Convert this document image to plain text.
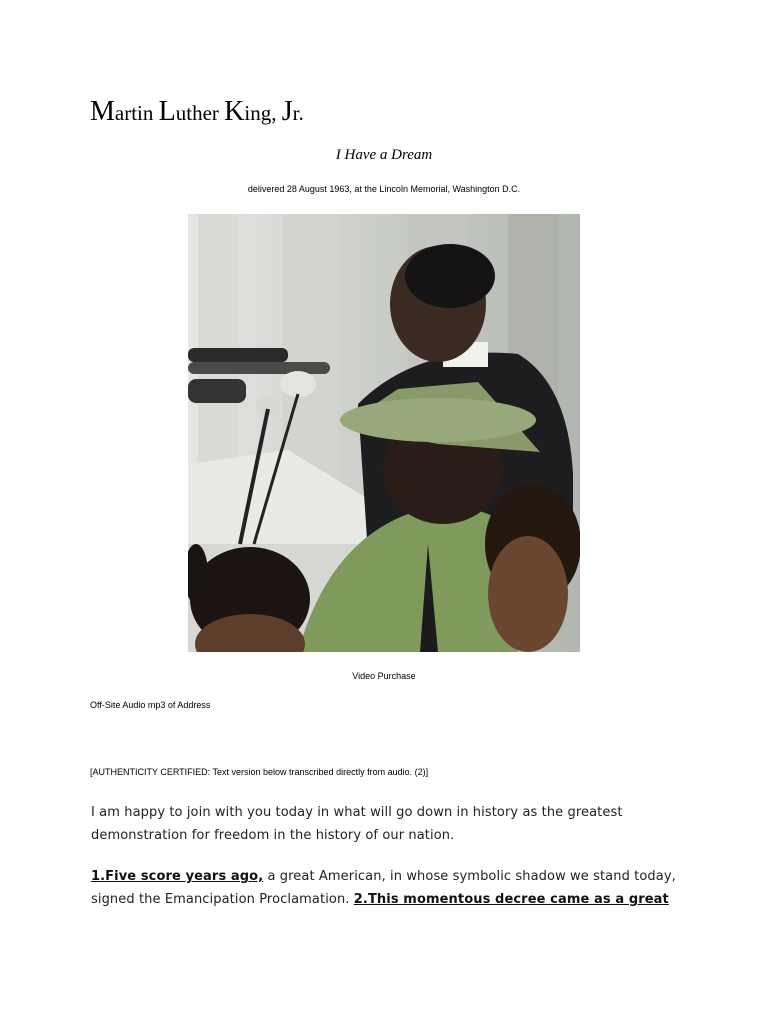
Martin Luther King, Jr.
I Have a Dream
delivered 28 August 1963, at the Lincoln Memorial, Washington D.C.
Video Purchase
Off-Site Audio mp3 of Address
[AUTHENTICITY CERTIFIED: Text version below transcribed directly from audio. (2)]
I am happy to join with you today in what will go down in history as the greatest demonstration for freedom in the history of our nation.
1.Five score years ago, a great American, in whose symbolic shadow we stand today, signed the Emancipation Proclamation. 2.This momentous decree came as a great
